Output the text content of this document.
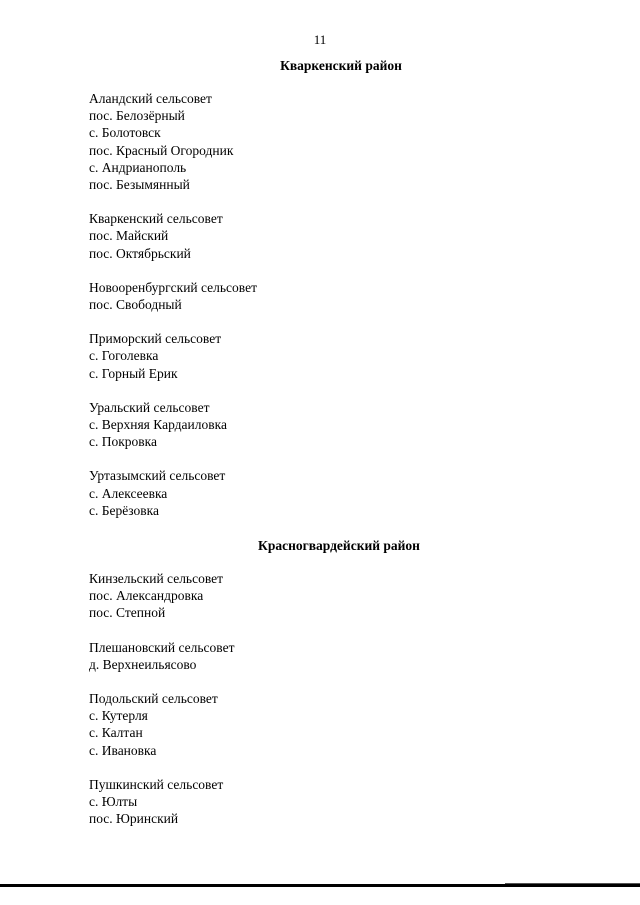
11
Кваркенский район
Аландский сельсовет
пос. Белозёрный
с. Болотовск
пос. Красный Огородник
с. Андрианополь
пос. Безымянный
Кваркенский сельсовет
пос. Майский
пос. Октябрьский
Новооренбургский сельсовет
пос. Свободный
Приморский сельсовет
с. Гоголевка
с. Горный Ерик
Уральский сельсовет
с. Верхняя Кардаиловка
с. Покровка
Уртазымский сельсовет
с. Алексеевка
с. Берёзовка
Красногвардейский район
Кинзельский сельсовет
пос. Александровка
пос. Степной
Плешановский сельсовет
д. Верхнеильясово
Подольский сельсовет
с. Кутерля
с. Калтан
с. Ивановка
Пушкинский сельсовет
с. Юлты
пос. Юринский
